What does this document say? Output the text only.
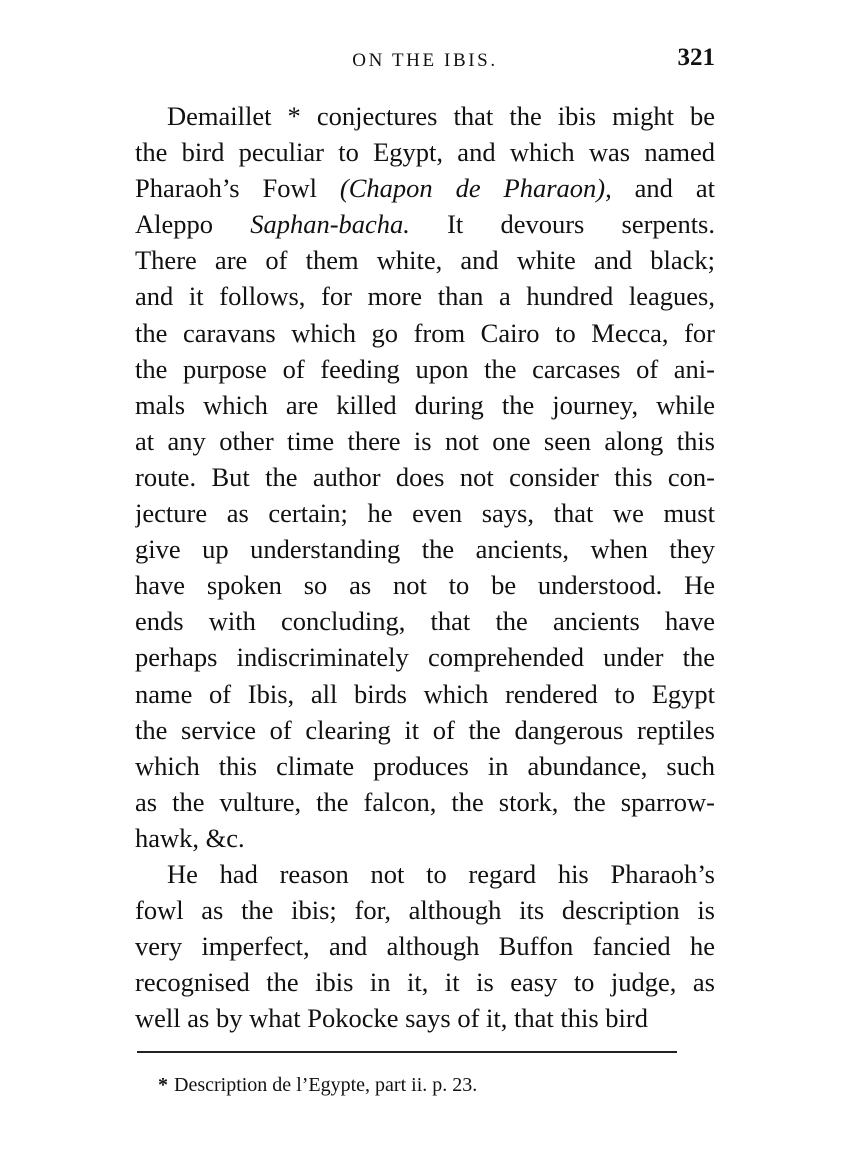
ON THE IBIS.	321
Demaillet * conjectures that the ibis might be
the bird peculiar to Egypt, and which was named
Pharaoh’s Fowl (Chapon de Pharaon), and at
Aleppo Saphan-bacha. It devours serpents.
There are of them white, and white and black;
and it follows, for more than a hundred leagues,
the caravans which go from Cairo to Mecca, for
the purpose of feeding upon the carcases of ani-
mals which are killed during the journey, while
at any other time there is not one seen along this
route. But the author does not consider this con-
jecture as certain; he even says, that we must
give up understanding the ancients, when they
have spoken so as not to be understood. He
ends with concluding, that the ancients have
perhaps indiscriminately comprehended under the
name of Ibis, all birds which rendered to Egypt
the service of clearing it of the dangerous reptiles
which this climate produces in abundance, such
as the vulture, the falcon, the stork, the sparrow-
hawk, &c.
He had reason not to regard his Pharaoh’s
fowl as the ibis; for, although its description is
very imperfect, and although Buffon fancied he
recognised the ibis in it, it is easy to judge, as
well as by what Pokocke says of it, that this bird
* Description de l’Egypte, part ii. p. 23.
